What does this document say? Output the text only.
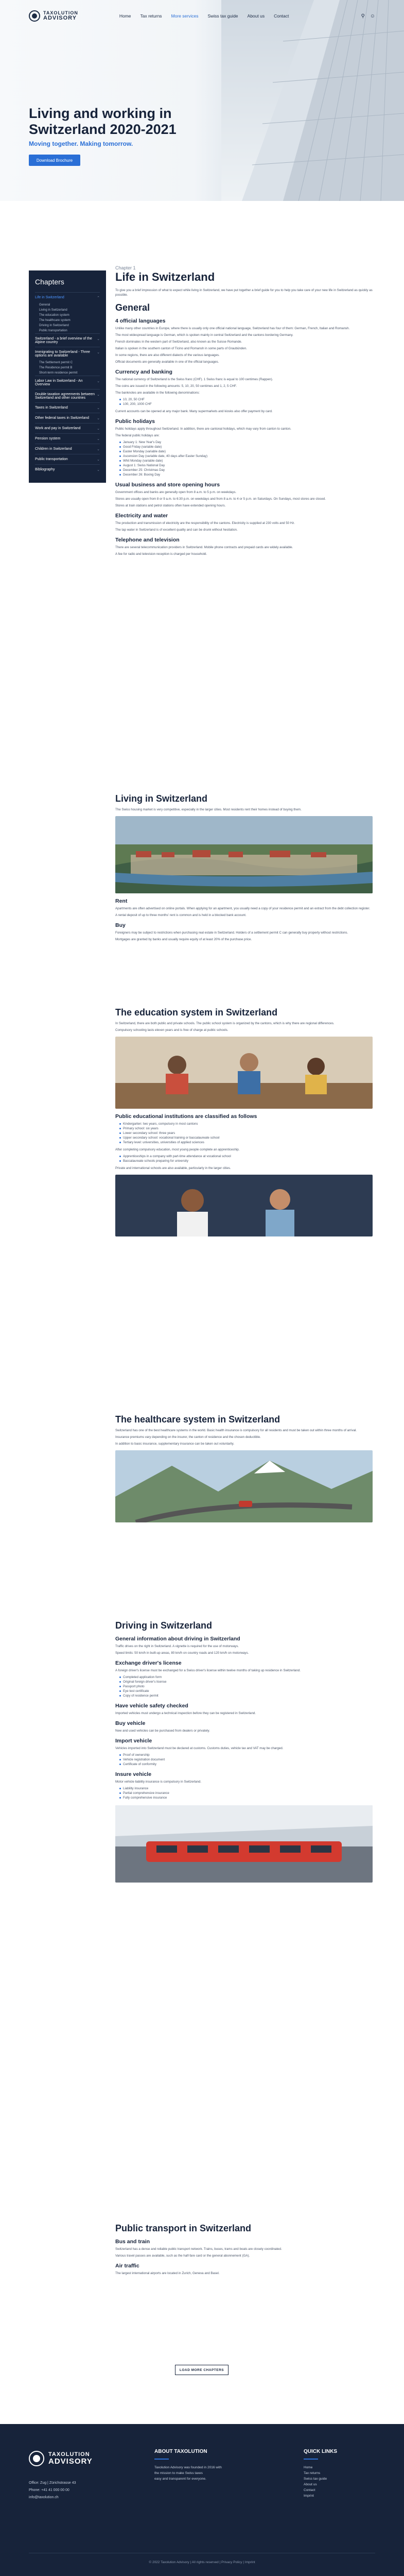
TAXOLUTION
ADVISORY	Home Tax returns More services Swiss tax guide About us Contact	⚲ ☺
Living and working in Switzerland 2020-2021
Moving together. Making tomorrow.
Download Brochure
Chapters
Life in Switzerland	⌃
General
Living in Switzerland
The education system
The healthcare system
Driving in Switzerland
Public transportation
Switzerland - a brief overview of the Alpine country
⌄
Immigrating to Switzerland - Three options are available
⌄
The Settlement permit C
The Residence permit B
Short-term residence permit
Labor Law in Switzerland - An Overview
⌄
Double taxation agreements between Switzerland and other countries
⌄
Taxes in Switzerland	⌄
Other federal taxes in Switzerland ⌄
Work and pay in Switzerland	⌄
Pension system	⌄
Children in Switzerland	⌄
Public transportation	⌄
Bibliography	⌄
Chapter 1
Life in Switzerland

To give you a brief impression of what to expect while living in Switzerland, we have put together a brief guide for you to help you take care of your new life in Switzerland as quickly as possible.

General
4 official languages

Unlike many other countries in Europe, where there is usually only one official national language, Switzerland has four of them: German, French, Italian and Romansh.

The most widespread language is German, which is spoken mainly in central Switzerland and the cantons bordering Germany.

French dominates in the western part of Switzerland, also known as the Suisse Romande.

Italian is spoken in the southern canton of Ticino and Romansh in some parts of Graubünden.

In some regions, there are also different dialects of the various languages.

Official documents are generally available in one of the official languages.

Currency and banking

The national currency of Switzerland is the Swiss franc (CHF). 1 Swiss franc is equal to 100 centimes (Rappen).

The coins are issued in the following amounts: 5, 10, 20, 50 centimes and 1, 2, 5 CHF.

The banknotes are available in the following denominations:

10, 20, 50 CHF
100, 200, 1000 CHF

Current accounts can be opened at any major bank. Many supermarkets and kiosks also offer payment by card.

Public holidays

Public holidays apply throughout Switzerland. In addition, there are cantonal holidays, which may vary from canton to canton.

The federal public holidays are:

January 1: New Year's Day
Good Friday (variable date)
Easter Monday (variable date)
Ascension Day (variable date, 40 days after Easter Sunday)
Whit Monday (variable date)
August 1: Swiss National Day
December 25: Christmas Day
December 26: Boxing Day
Usual business and store opening hours

Government offices and banks are generally open from 8 a.m. to 5 p.m. on weekdays.

Stores are usually open from 8 or 9 a.m. to 6:30 p.m. on weekdays and from 8 a.m. to 4 or 5 p.m. on Saturdays. On Sundays, most stores are closed.

Stores at train stations and petrol stations often have extended opening hours.

Electricity and water

The production and transmission of electricity are the responsibility of the cantons. Electricity is supplied at 230 volts and 50 Hz.

The tap water in Switzerland is of excellent quality and can be drunk without hesitation.

Telephone and television

There are several telecommunication providers in Switzerland. Mobile phone contracts and prepaid cards are widely available.

A fee for radio and television reception is charged per household.

Living in Switzerland

The Swiss housing market is very competitive, especially in the larger cities. Most residents rent their homes instead of buying them.

Rent

Apartments are often advertised on online portals. When applying for an apartment, you usually need a copy of your residence permit and an extract from the debt collection register.

A rental deposit of up to three months' rent is common and is held in a blocked bank account.

Buy

Foreigners may be subject to restrictions when purchasing real estate in Switzerland. Holders of a settlement permit C can generally buy property without restrictions.

Mortgages are granted by banks and usually require equity of at least 20% of the purchase price.

The education system in Switzerland

In Switzerland, there are both public and private schools. The public school system is organized by the cantons, which is why there are regional differences.

Compulsory schooling lasts eleven years and is free of charge at public schools.

Public educational institutions are classified as follows
Kindergarten: two years, compulsory in most cantons
Primary school: six years
Lower secondary school: three years
Upper secondary school: vocational training or baccalaureate school
Tertiary level: universities, universities of applied sciences

After completing compulsory education, most young people complete an apprenticeship.

Apprenticeships in a company with part-time attendance at vocational school
Baccalaureate schools preparing for university

Private and international schools are also available, particularly in the larger cities.

The healthcare system in Switzerland

Switzerland has one of the best healthcare systems in the world. Basic health insurance is compulsory for all residents and must be taken out within three months of arrival.

Insurance premiums vary depending on the insurer, the canton of residence and the chosen deductible.

In addition to basic insurance, supplementary insurance can be taken out voluntarily.

Driving in Switzerland
General information about driving in Switzerland

Traffic drives on the right in Switzerland. A vignette is required for the use of motorways.

Speed limits: 50 km/h in built-up areas, 80 km/h on country roads and 120 km/h on motorways.

Exchange driver's license

A foreign driver's license must be exchanged for a Swiss driver's license within twelve months of taking up residence in Switzerland.

Completed application form
Original foreign driver's license
Passport photo
Eye test certificate
Copy of residence permit
Have vehicle safety checked

Imported vehicles must undergo a technical inspection before they can be registered in Switzerland.

Buy vehicle

New and used vehicles can be purchased from dealers or privately.

Import vehicle

Vehicles imported into Switzerland must be declared at customs. Customs duties, vehicle tax and VAT may be charged.

Proof of ownership
Vehicle registration document
Certificate of conformity
Insure vehicle

Motor vehicle liability insurance is compulsory in Switzerland.

Liability insurance
Partial comprehensive insurance
Fully comprehensive insurance
Public transport in Switzerland
Bus and train

Switzerland has a dense and reliable public transport network. Trains, buses, trams and boats are closely coordinated.

Various travel passes are available, such as the half-fare card or the general abonnement (GA).

Air traffic

The largest international airports are located in Zurich, Geneva and Basel.

LOAD MORE CHAPTERS
TAXOLUTION
ADVISORY
Office: Zug | Zürichstrasse 43
Phone: +41 41 000 00 00
info@taxolution.ch
ABOUT TAXOLUTION
Taxolution Advisory was founded in 2016 with
the mission to make Swiss taxes
easy and transparent for everyone.
QUICK LINKS
Home
Tax returns
Swiss tax guide
About us
Contact
Imprint
© 2022 Taxolution Advisory | All rights reserved | Privacy Policy | Imprint
